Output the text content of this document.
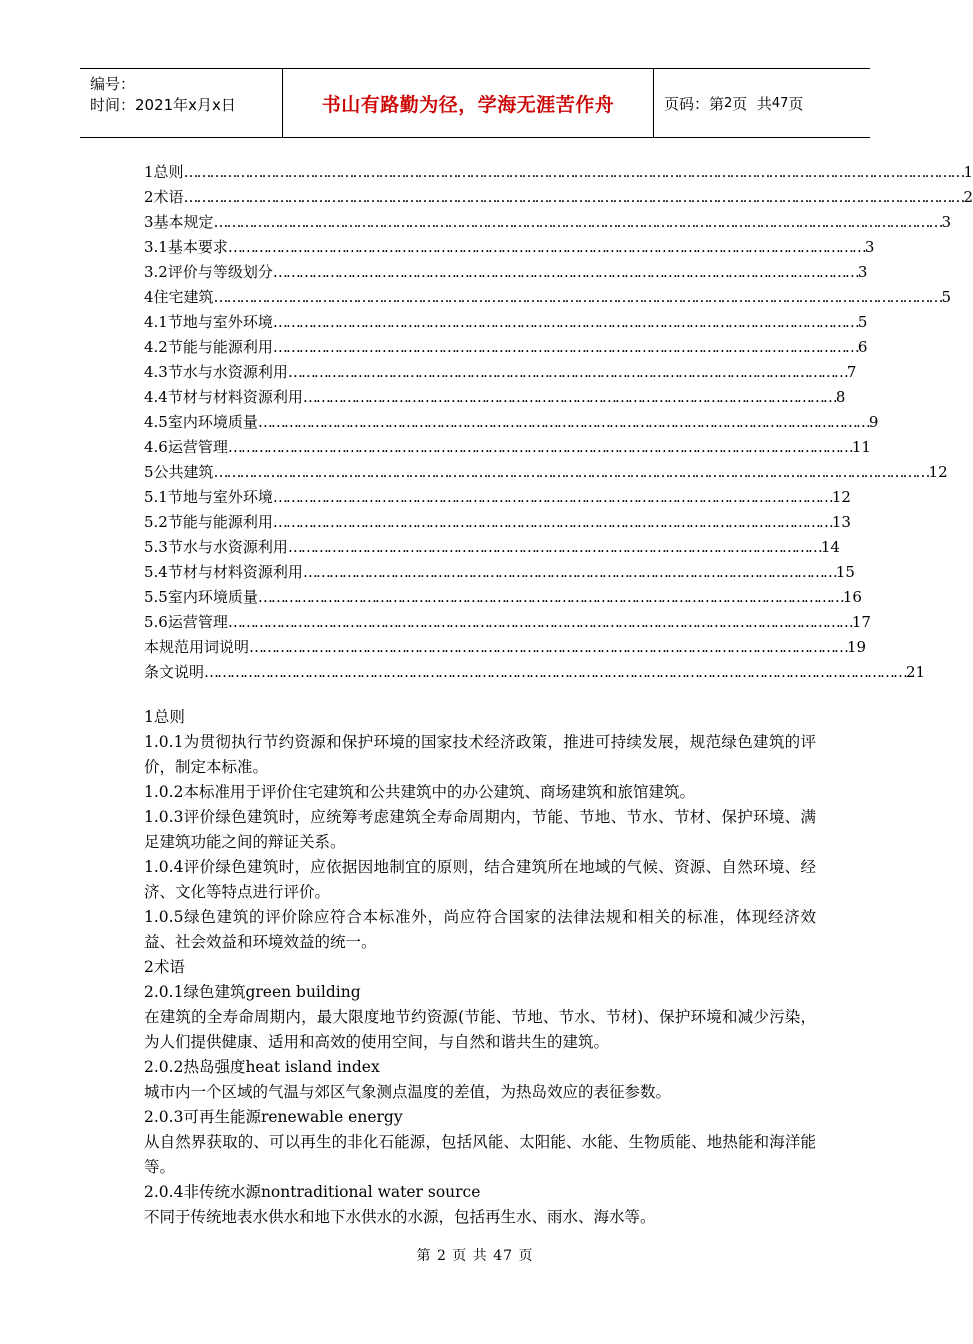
编号：
时间：2021年x月x日	书山有路勤为径，学海无涯苦作舟	页码：第 2 页  共 47 页
1总则………………………………………………………………………………………………………………………………………………………………1
2术语………………………………………………………………………………………………………………………………………………………………2
3基本规定……………………………………………………………………………………………………………………………………………………3
3.1基本要求…………………………………………………………………………………………………………………………………3
3.2评价与等级划分………………………………………………………………………………………………………………………3
4住宅建筑……………………………………………………………………………………………………………………………………………………5
4.1节地与室外环境………………………………………………………………………………………………………………………5
4.2节能与能源利用………………………………………………………………………………………………………………………6
4.3节水与水资源利用…………………………………………………………………………………………………………………7
4.4节材与材料资源利用……………………………………………………………………………………………………………8
4.5室内环境质量……………………………………………………………………………………………………………………………9
4.6运营管理………………………………………………………………………………………………………………………………11
5公共建筑…………………………………………………………………………………………………………………………………………………12
5.1节地与室外环境…………………………………………………………………………………………………………………12
5.2节能与能源利用…………………………………………………………………………………………………………………13
5.3节水与水资源利用……………………………………………………………………………………………………………14
5.4节材与材料资源利用……………………………………………………………………………………………………………15
5.5室内环境质量………………………………………………………………………………………………………………………16
5.6运营管理………………………………………………………………………………………………………………………………17
本规范用词说明…………………………………………………………………………………………………………………………19
条文说明………………………………………………………………………………………………………………………………………………21

1总则

1.0.1为贯彻执行节约资源和保护环境的国家技术经济政策，推进可持续发展，规范绿色建筑的评价，制定本标准。

1.0.2本标准用于评价住宅建筑和公共建筑中的办公建筑、商场建筑和旅馆建筑。

1.0.3评价绿色建筑时，应统筹考虑建筑全寿命周期内，节能、节地、节水、节材、保护环境、满足建筑功能之间的辩证关系。

1.0.4评价绿色建筑时，应依据因地制宜的原则，结合建筑所在地域的气候、资源、自然环境、经济、文化等特点进行评价。

1.0.5绿色建筑的评价除应符合本标准外，尚应符合国家的法律法规和相关的标准，体现经济效益、社会效益和环境效益的统一。

2术语

2.0.1绿色建筑green building

在建筑的全寿命周期内，最大限度地节约资源(节能、节地、节水、节材)、保护环境和减少污染，为人们提供健康、适用和高效的使用空间，与自然和谐共生的建筑。

2.0.2热岛强度heat island index

城市内一个区域的气温与郊区气象测点温度的差值，为热岛效应的表征参数。

2.0.3可再生能源renewable energy

从自然界获取的、可以再生的非化石能源，包括风能、太阳能、水能、生物质能、地热能和海洋能等。

2.0.4非传统水源nontraditional water source

不同于传统地表水供水和地下水供水的水源，包括再生水、雨水、海水等。

第 2 页 共 47 页
